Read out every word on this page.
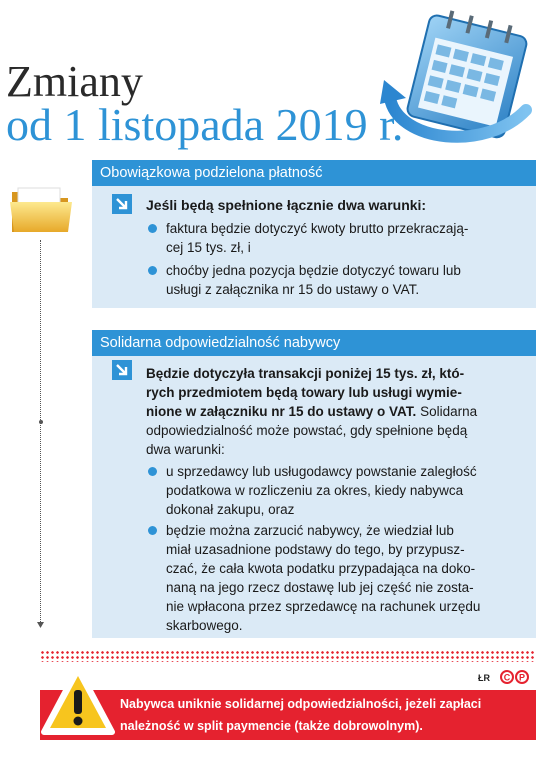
Zmiany
od 1 listopada 2019 r.
Obowiązkowa podzielona płatność
Jeśli będą spełnione łącznie dwa warunki:
faktura będzie dotyczyć kwoty brutto przekraczają-
cej 15 tys. zł, i
choćby jedna pozycja będzie dotyczyć towaru lub
usługi z załącznika nr 15 do ustawy o VAT.
Solidarna odpowiedzialność nabywcy
Będzie dotyczyła transakcji poniżej 15 tys. zł, któ-
rych przedmiotem będą towary lub usługi wymie-
nione w załączniku nr 15 do ustawy o VAT. Solidarna
odpowiedzialność może powstać, gdy spełnione będą
dwa warunki:
u sprzedawcy lub usługodawcy powstanie zaległość
podatkowa w rozliczeniu za okres, kiedy nabywca
dokonał zakupu, oraz
będzie można zarzucić nabywcy, że wiedział lub
miał uzasadnione podstawy do tego, by przypusz-
czać, że cała kwota podatku przypadająca na doko-
naną na jego rzecz dostawę lub jej część nie zosta-
nie wpłacona przez sprzedawcę na rachunek urzędu
skarbowego.
ŁR C P
Nabywca uniknie solidarnej odpowiedzialności, jeżeli zapłaci
należność w split paymencie (także dobrowolnym).
